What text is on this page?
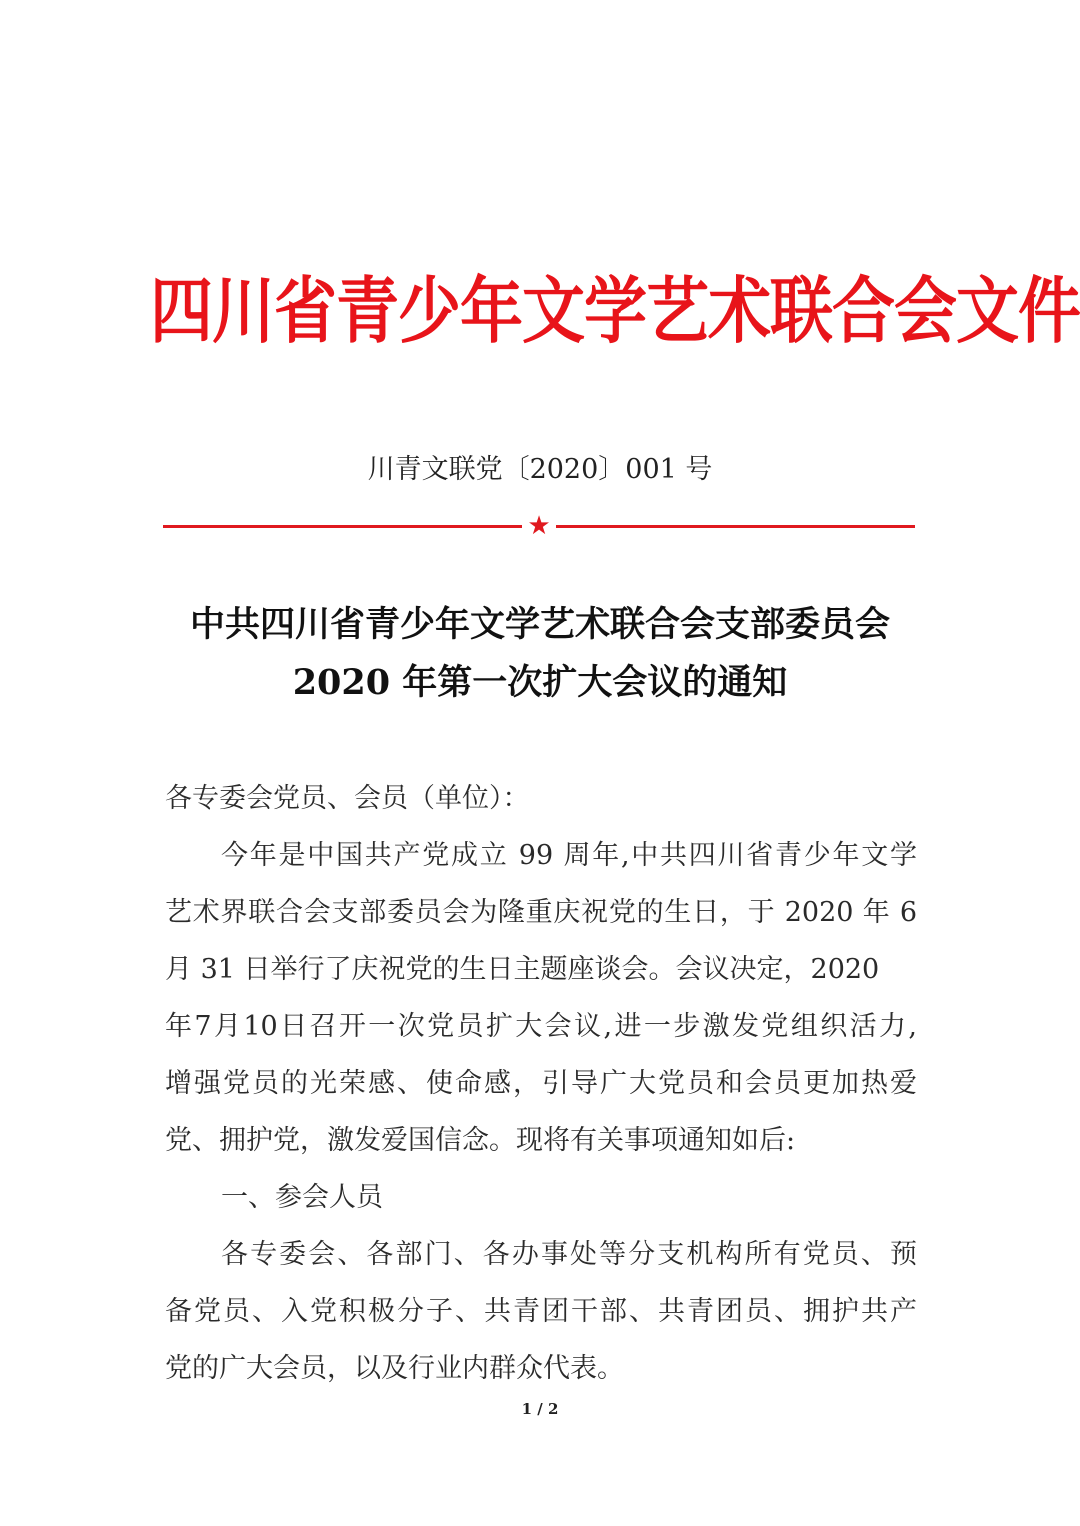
四川省青少年文学艺术联合会文件
川青文联党〔2020〕001 号
★
中共四川省青少年文学艺术联合会支部委员会
2020 年第一次扩大会议的通知
各专委会党员、会员（单位）：
今年是中国共产党成立 99 周年,中共四川省青少年文学
艺术界联合会支部委员会为隆重庆祝党的生日，于 2020 年 6
月 31 日举行了庆祝党的生日主题座谈会。会议决定，2020
年7月10日召开一次党员扩大会议,进一步激发党组织活力,
增强党员的光荣感、使命感，引导广大党员和会员更加热爱
党、拥护党，激发爱国信念。现将有关事项通知如后:
一、参会人员
各专委会、各部门、各办事处等分支机构所有党员、预
备党员、入党积极分子、共青团干部、共青团员、拥护共产
党的广大会员，以及行业内群众代表。
1 / 2
